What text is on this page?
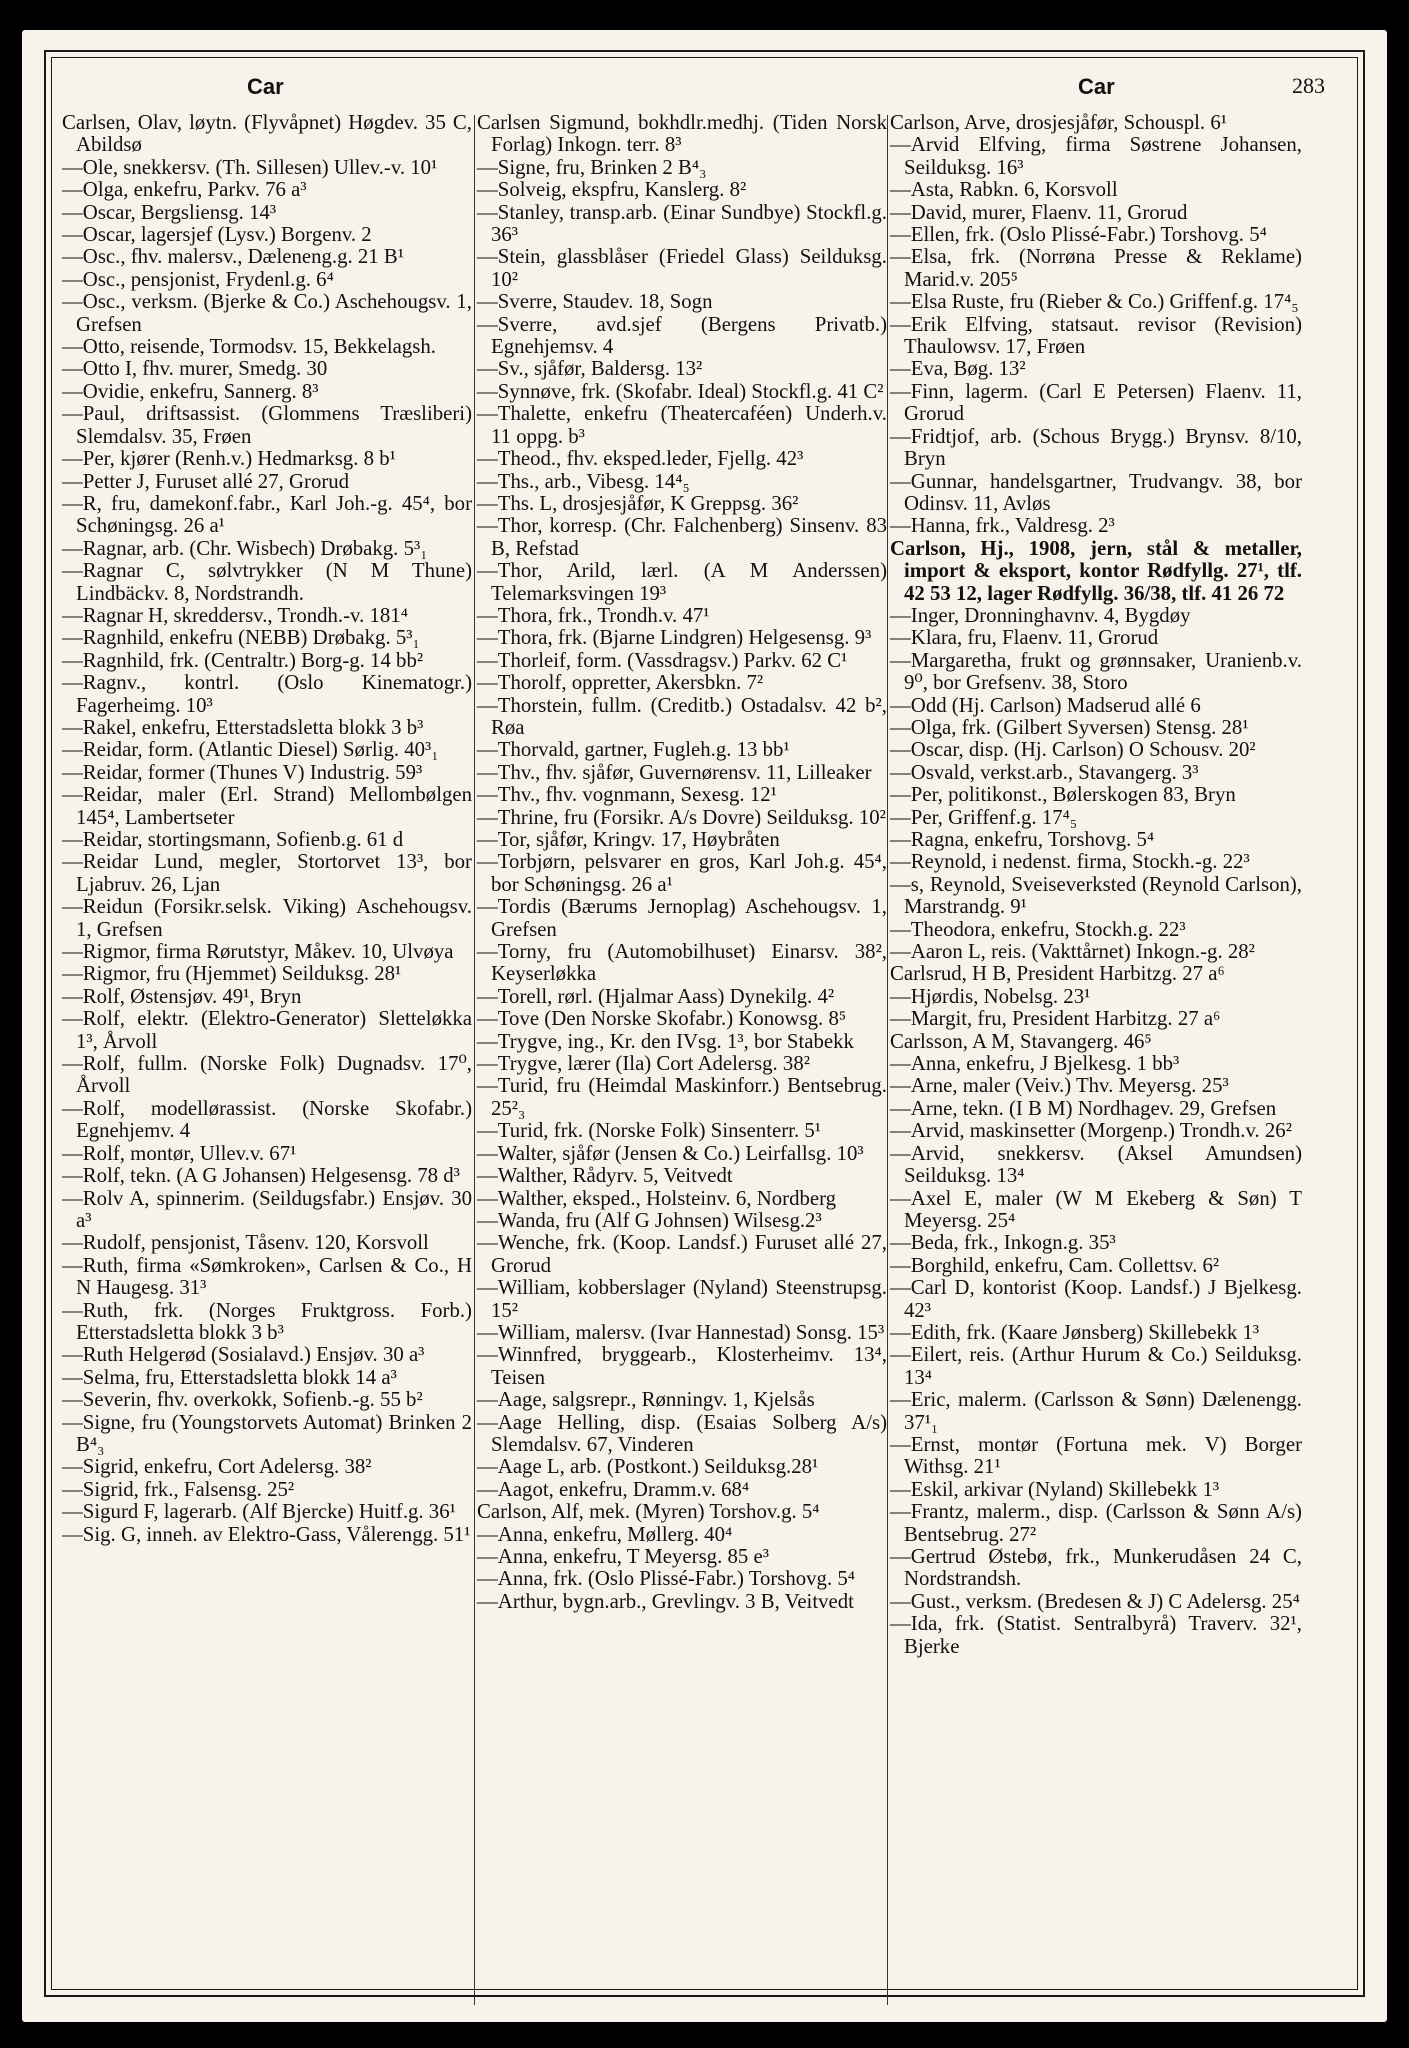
Car	Car	283

Carlsen, Olav, løytn. (Flyvåpnet) Høgdev. 35 C, Abildsø

—Ole, snekkersv. (Th. Sillesen) Ullev.-v. 10¹

—Olga, enkefru, Parkv. 76 a³

—Oscar, Bergsliensg. 14³

—Oscar, lagersjef (Lysv.) Borgenv. 2

—Osc., fhv. malersv., Dæleneng.g. 21 B¹

—Osc., pensjonist, Frydenl.g. 6⁴

—Osc., verksm. (Bjerke & Co.) Aschehougsv. 1, Grefsen

—Otto, reisende, Tormodsv. 15, Bekkelagsh.

—Otto I, fhv. murer, Smedg. 30

—Ovidie, enkefru, Sannerg. 8³

—Paul, driftsassist. (Glommens Træsliberi) Slemdalsv. 35, Frøen

—Per, kjører (Renh.v.) Hedmarksg. 8 b¹

—Petter J, Furuset allé 27, Grorud

—R, fru, damekonf.fabr., Karl Joh.-g. 45⁴, bor Schøningsg. 26 a¹

—Ragnar, arb. (Chr. Wisbech) Drøbakg. 5³₁

—Ragnar C, sølvtrykker (N M Thune) Lindbäckv. 8, Nordstrandh.

—Ragnar H, skreddersv., Trondh.-v. 181⁴

—Ragnhild, enkefru (NEBB) Drøbakg. 5³₁

—Ragnhild, frk. (Centraltr.) Borg-g. 14 bb²

—Ragnv., kontrl. (Oslo Kinematogr.) Fagerheimg. 10³

—Rakel, enkefru, Etterstadsletta blokk 3 b³

—Reidar, form. (Atlantic Diesel) Sørlig. 40³₁

—Reidar, former (Thunes V) Industrig. 59³

—Reidar, maler (Erl. Strand) Mellombølgen 145⁴, Lambertseter

—Reidar, stortingsmann, Sofienb.g. 61 d

—Reidar Lund, megler, Stortorvet 13³, bor Ljabruv. 26, Ljan

—Reidun (Forsikr.selsk. Viking) Aschehougsv. 1, Grefsen

—Rigmor, firma Rørutstyr, Måkev. 10, Ulvøya

—Rigmor, fru (Hjemmet) Seilduksg. 28¹

—Rolf, Østensjøv. 49¹, Bryn

—Rolf, elektr. (Elektro-Generator) Sletteløkka 1³, Årvoll

—Rolf, fullm. (Norske Folk) Dugnadsv. 17⁰, Årvoll

—Rolf, modellørassist. (Norske Skofabr.) Egnehjemv. 4

—Rolf, montør, Ullev.v. 67¹

—Rolf, tekn. (A G Johansen) Helgesensg. 78 d³

—Rolv A, spinnerim. (Seildugsfabr.) Ensjøv. 30 a³

—Rudolf, pensjonist, Tåsenv. 120, Korsvoll

—Ruth, firma «Sømkroken», Carlsen & Co., H N Haugesg. 31³

—Ruth, frk. (Norges Fruktgross. Forb.) Etterstadsletta blokk 3 b³

—Ruth Helgerød (Sosialavd.) Ensjøv. 30 a³

—Selma, fru, Etterstadsletta blokk 14 a³

—Severin, fhv. overkokk, Sofienb.-g. 55 b²

—Signe, fru (Youngstorvets Automat) Brinken 2 B⁴₃

—Sigrid, enkefru, Cort Adelersg. 38²

—Sigrid, frk., Falsensg. 25²

—Sigurd F, lagerarb. (Alf Bjercke) Huitf.g. 36¹

—Sig. G, inneh. av Elektro-Gass, Vålerengg. 51¹

Carlsen Sigmund, bokhdlr.medhj. (Tiden Norsk Forlag) Inkogn. terr. 8³

—Signe, fru, Brinken 2 B⁴₃

—Solveig, ekspfru, Kanslerg. 8²

—Stanley, transp.arb. (Einar Sundbye) Stockfl.g. 36³

—Stein, glassblåser (Friedel Glass) Seilduksg. 10²

—Sverre, Staudev. 18, Sogn

—Sverre, avd.sjef (Bergens Privatb.) Egnehjemsv. 4

—Sv., sjåfør, Baldersg. 13²

—Synnøve, frk. (Skofabr. Ideal) Stockfl.g. 41 C²

—Thalette, enkefru (Theatercaféen) Underh.v. 11 oppg. b³

—Theod., fhv. eksped.leder, Fjellg. 42³

—Ths., arb., Vibesg. 14⁴₅

—Ths. L, drosjesjåfør, K Greppsg. 36²

—Thor, korresp. (Chr. Falchenberg) Sinsenv. 83 B, Refstad

—Thor, Arild, lærl. (A M Anderssen) Telemarksvingen 19³

—Thora, frk., Trondh.v. 47¹

—Thora, frk. (Bjarne Lindgren) Helgesensg. 9³

—Thorleif, form. (Vassdragsv.) Parkv. 62 C¹

—Thorolf, oppretter, Akersbkn. 7²

—Thorstein, fullm. (Creditb.) Ostadalsv. 42 b², Røa

—Thorvald, gartner, Fugleh.g. 13 bb¹

—Thv., fhv. sjåfør, Guvernørensv. 11, Lilleaker

—Thv., fhv. vognmann, Sexesg. 12¹

—Thrine, fru (Forsikr. A/s Dovre) Seilduksg. 10²

—Tor, sjåfør, Kringv. 17, Høybråten

—Torbjørn, pelsvarer en gros, Karl Joh.g. 45⁴, bor Schøningsg. 26 a¹

—Tordis (Bærums Jernoplag) Aschehougsv. 1, Grefsen

—Torny, fru (Automobilhuset) Einarsv. 38², Keyserløkka

—Torell, rørl. (Hjalmar Aass) Dynekilg. 4²

—Tove (Den Norske Skofabr.) Konowsg. 8⁵

—Trygve, ing., Kr. den IVsg. 1³, bor Stabekk

—Trygve, lærer (Ila) Cort Adelersg. 38²

—Turid, fru (Heimdal Maskinforr.) Bentsebrug. 25²₃

—Turid, frk. (Norske Folk) Sinsenterr. 5¹

—Walter, sjåfør (Jensen & Co.) Leirfallsg. 10³

—Walther, Rådyrv. 5, Veitvedt

—Walther, eksped., Holsteinv. 6, Nordberg

—Wanda, fru (Alf G Johnsen) Wilsesg.2³

—Wenche, frk. (Koop. Landsf.) Furuset allé 27, Grorud

—William, kobberslager (Nyland) Steenstrupsg. 15²

—William, malersv. (Ivar Hannestad) Sonsg. 15³

—Winnfred, bryggearb., Klosterheimv. 13⁴, Teisen

—Aage, salgsrepr., Rønningv. 1, Kjelsås

—Aage Helling, disp. (Esaias Solberg A/s) Slemdalsv. 67, Vinderen

—Aage L, arb. (Postkont.) Seilduksg.28¹

—Aagot, enkefru, Dramm.v. 68⁴

Carlson, Alf, mek. (Myren) Torshov.g. 5⁴

—Anna, enkefru, Møllerg. 40⁴

—Anna, enkefru, T Meyersg. 85 e³

—Anna, frk. (Oslo Plissé-Fabr.) Torshovg. 5⁴

—Arthur, bygn.arb., Grevlingv. 3 B, Veitvedt

Carlson, Arve, drosjesjåfør, Schouspl. 6¹

—Arvid Elfving, firma Søstrene Johansen, Seilduksg. 16³

—Asta, Rabkn. 6, Korsvoll

—David, murer, Flaenv. 11, Grorud

—Ellen, frk. (Oslo Plissé-Fabr.) Torshovg. 5⁴

—Elsa, frk. (Norrøna Presse & Reklame) Marid.v. 205⁵

—Elsa Ruste, fru (Rieber & Co.) Griffenf.g. 17⁴₅

—Erik Elfving, statsaut. revisor (Revision) Thaulowsv. 17, Frøen

—Eva, Bøg. 13²

—Finn, lagerm. (Carl E Petersen) Flaenv. 11, Grorud

—Fridtjof, arb. (Schous Brygg.) Brynsv. 8/10, Bryn

—Gunnar, handelsgartner, Trudvangv. 38, bor Odinsv. 11, Avløs

—Hanna, frk., Valdresg. 2³

Carlson, Hj., 1908, jern, stål & metaller, import & eksport, kontor Rødfyllg. 27¹, tlf. 42 53 12, lager Rødfyllg. 36/38, tlf. 41 26 72

—Inger, Dronninghavnv. 4, Bygdøy

—Klara, fru, Flaenv. 11, Grorud

—Margaretha, frukt og grønnsaker, Uranienb.v. 9⁰, bor Grefsenv. 38, Storo

—Odd (Hj. Carlson) Madserud allé 6

—Olga, frk. (Gilbert Syversen) Stensg. 28¹

—Oscar, disp. (Hj. Carlson) O Schousv. 20²

—Osvald, verkst.arb., Stavangerg. 3³

—Per, politikonst., Bølerskogen 83, Bryn

—Per, Griffenf.g. 17⁴₅

—Ragna, enkefru, Torshovg. 5⁴

—Reynold, i nedenst. firma, Stockh.-g. 22³

—s, Reynold, Sveiseverksted (Reynold Carlson), Marstrandg. 9¹

—Theodora, enkefru, Stockh.g. 22³

—Aaron L, reis. (Vakttårnet) Inkogn.-g. 28²

Carlsrud, H B, President Harbitzg. 27 a⁶

—Hjørdis, Nobelsg. 23¹

—Margit, fru, President Harbitzg. 27 a⁶

Carlsson, A M, Stavangerg. 46⁵

—Anna, enkefru, J Bjelkesg. 1 bb³

—Arne, maler (Veiv.) Thv. Meyersg. 25³

—Arne, tekn. (I B M) Nordhagev. 29, Grefsen

—Arvid, maskinsetter (Morgenp.) Trondh.v. 26²

—Arvid, snekkersv. (Aksel Amundsen) Seilduksg. 13⁴

—Axel E, maler (W M Ekeberg & Søn) T Meyersg. 25⁴

—Beda, frk., Inkogn.g. 35³

—Borghild, enkefru, Cam. Collettsv. 6²

—Carl D, kontorist (Koop. Landsf.) J Bjelkesg. 42³

—Edith, frk. (Kaare Jønsberg) Skillebekk 1³

—Eilert, reis. (Arthur Hurum & Co.) Seilduksg. 13⁴

—Eric, malerm. (Carlsson & Sønn) Dælenengg. 37¹₁

—Ernst, montør (Fortuna mek. V) Borger Withsg. 21¹

—Eskil, arkivar (Nyland) Skillebekk 1³

—Frantz, malerm., disp. (Carlsson & Sønn A/s) Bentsebrug. 27²

—Gertrud Østebø, frk., Munkerudåsen 24 C, Nordstrandsh.

—Gust., verksm. (Bredesen & J) C Adelersg. 25⁴

—Ida, frk. (Statist. Sentralbyrå) Traverv. 32¹, Bjerke
